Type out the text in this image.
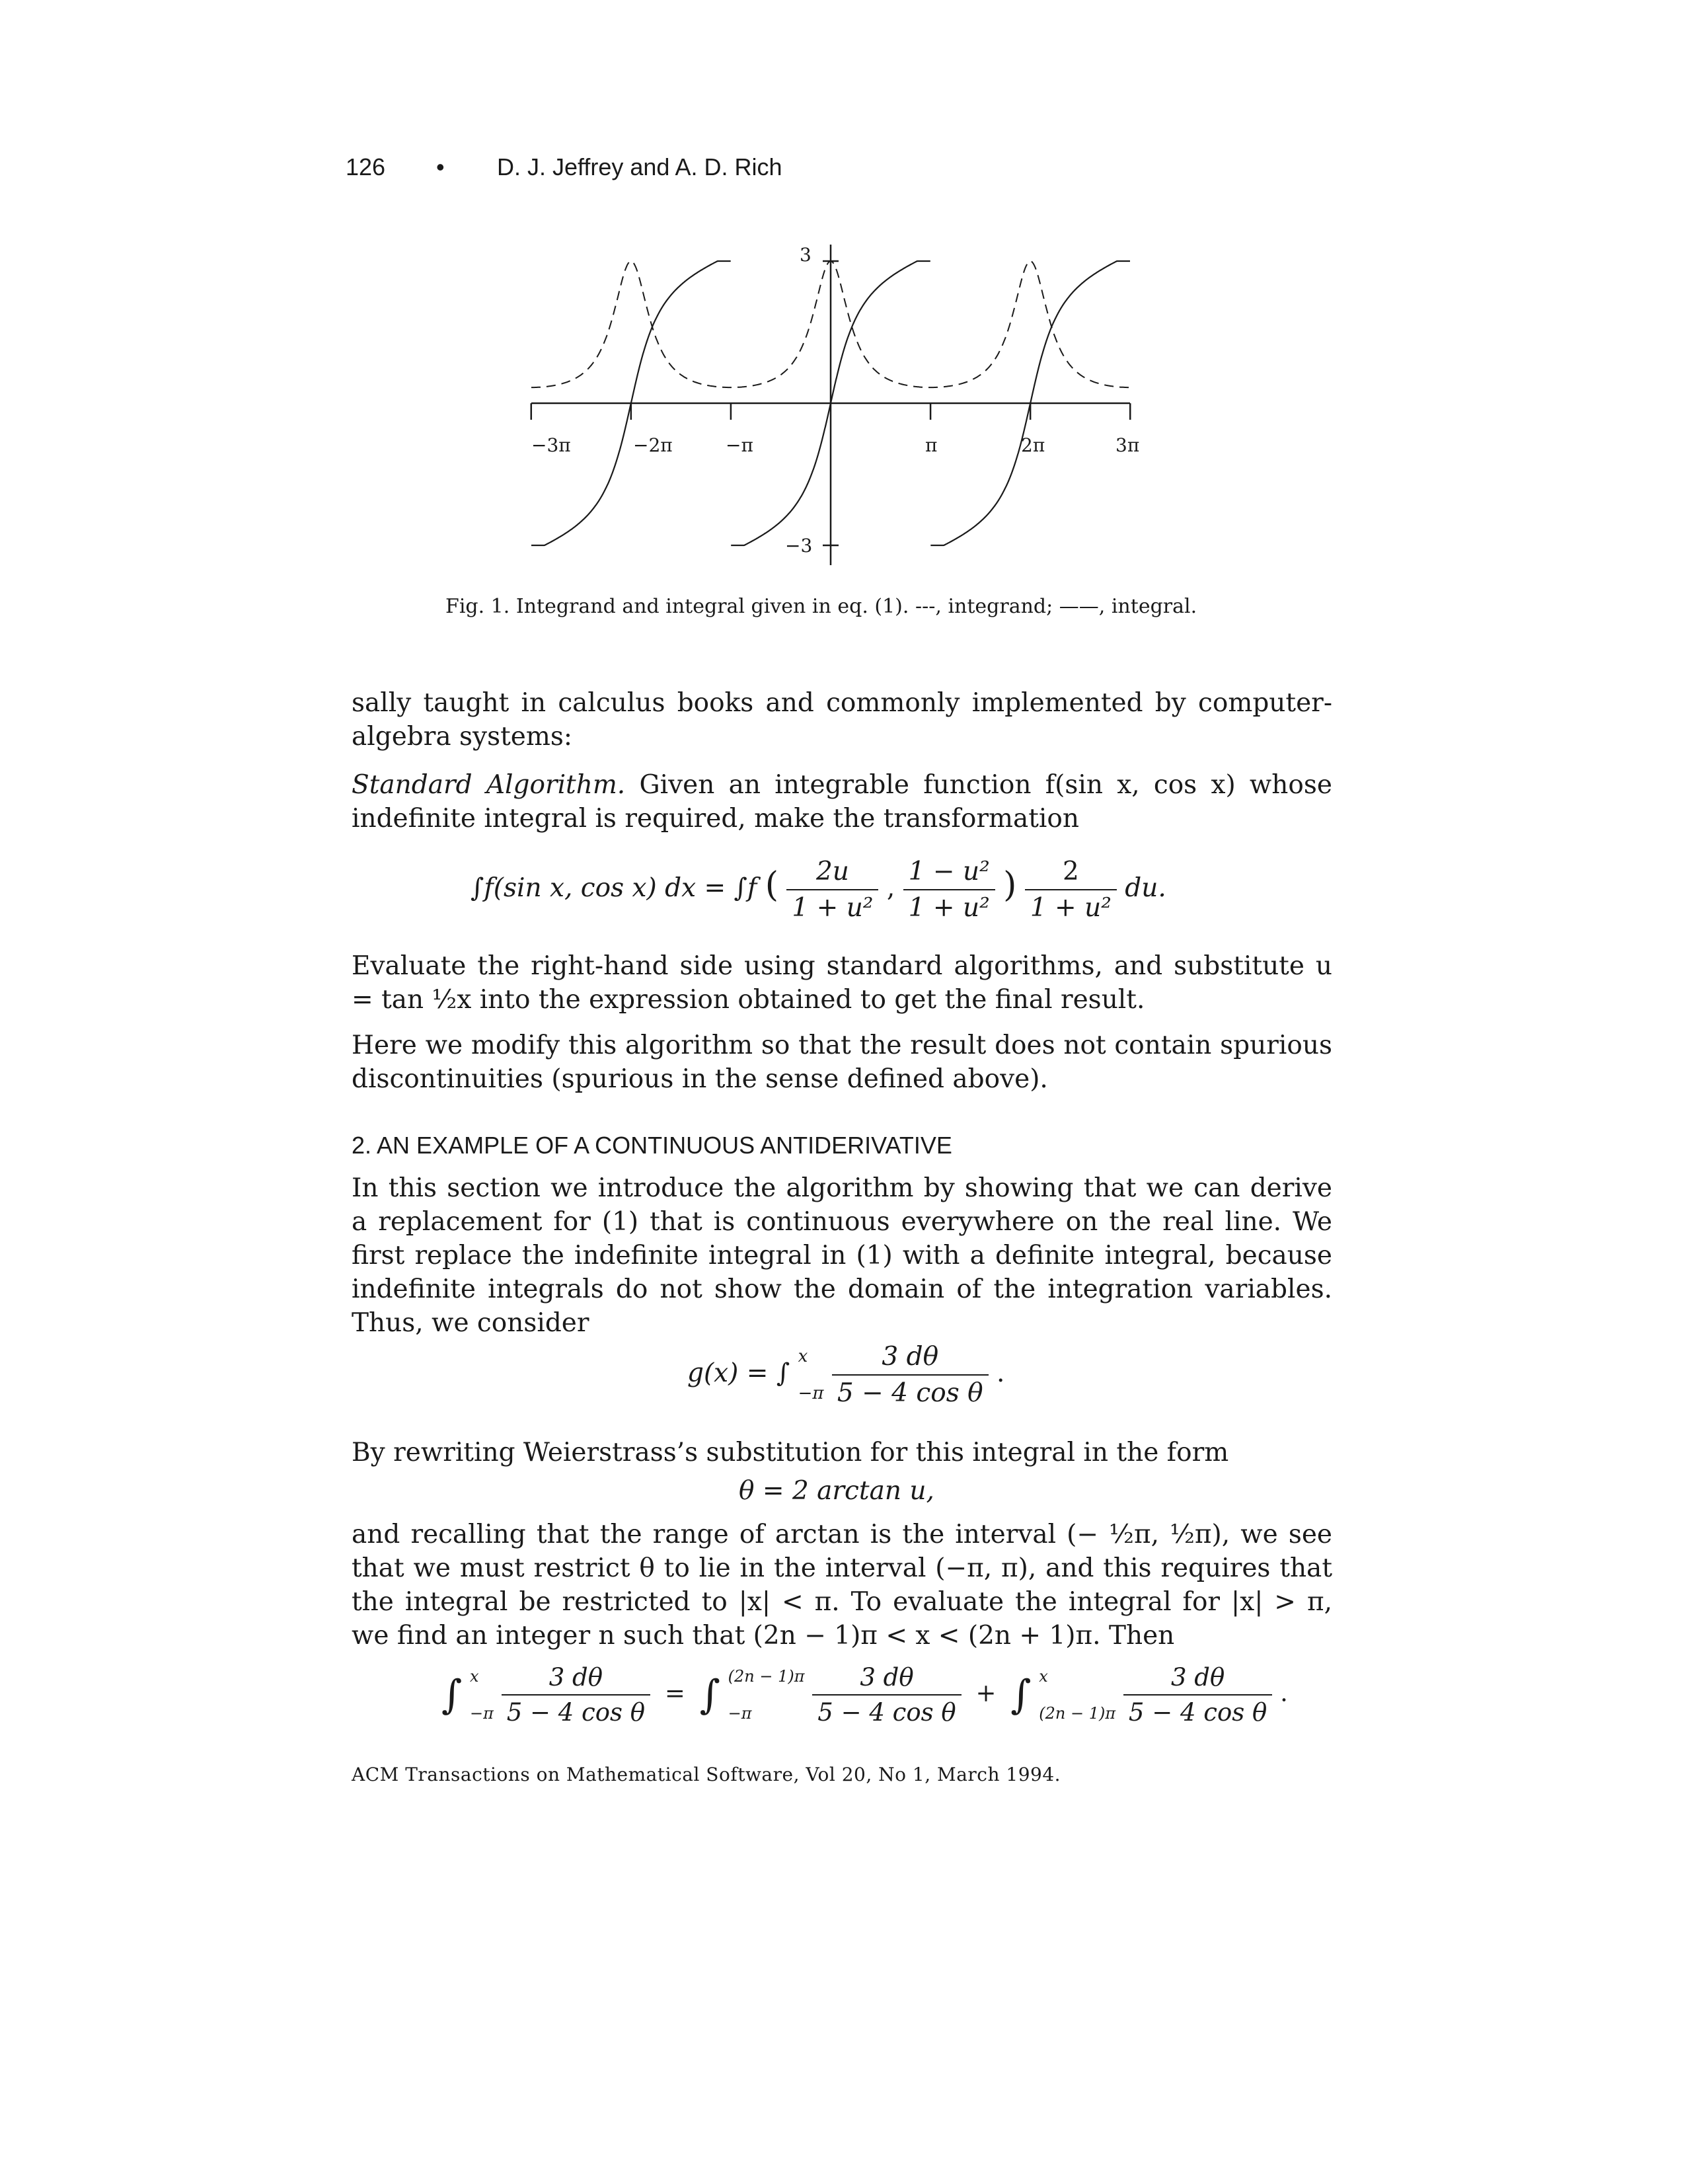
126 • D. J. Jeffrey and A. D. Rich
3
−3
−3π	−2π	−π	π	2π	3π
Fig. 1. Integrand and integral given in eq. (1). ---, integrand; ——, integral.
sally taught in calculus books and commonly implemented by computer-algebra systems:
Standard Algorithm. Given an integrable function f(sin x, cos x) whose indefinite integral is required, make the transformation
∫f(sin x, cos x) dx = ∫f ( $\frac{2u}{\text{1 + u²}}$ , $\frac{\text{1 − u²}}{\text{1 + u²}}$ ) $\frac{2}{\text{1 + u²}}$ du.
Evaluate the right-hand side using standard algorithms, and substitute u = tan ½x into the expression obtained to get the final result.
Here we modify this algorithm so that the result does not contain spurious discontinuities (spurious in the sense defined above).
2. AN EXAMPLE OF A CONTINUOUS ANTIDERIVATIVE
In this section we introduce the algorithm by showing that we can derive a replacement for (1) that is continuous everywhere on the real line. We first replace the indefinite integral in (1) with a definite integral, because indefinite integrals do not show the domain of the integration variables. Thus, we consider
g(x) = ∫
x
−π
$\frac{3 d\theta}{\text{5 − 4 cos θ}}$ .
By rewriting Weierstrass’s substitution for this integral in the form
θ = 2 arctan u,
and recalling that the range of arctan is the interval (− ½π, ½π), we see that we must restrict θ to lie in the interval (−π, π), and this requires that the integral be restricted to |x| < π. To evaluate the integral for |x| > π, we find an integer n such that (2n − 1)π < x < (2n + 1)π. Then
∫ x
−π
$\frac{3 d\theta}{\text{5 − 4 cos θ}}$ = ∫ (2n − 1)π
−π
	$\frac{3 d\theta}{\text{5 − 4 cos θ}}$ + ∫ x
(2n − 1)π
$\frac{3 d\theta}{\text{5 − 4 cos θ}}$ .
ACM Transactions on Mathematical Software, Vol 20, No 1, March 1994.
